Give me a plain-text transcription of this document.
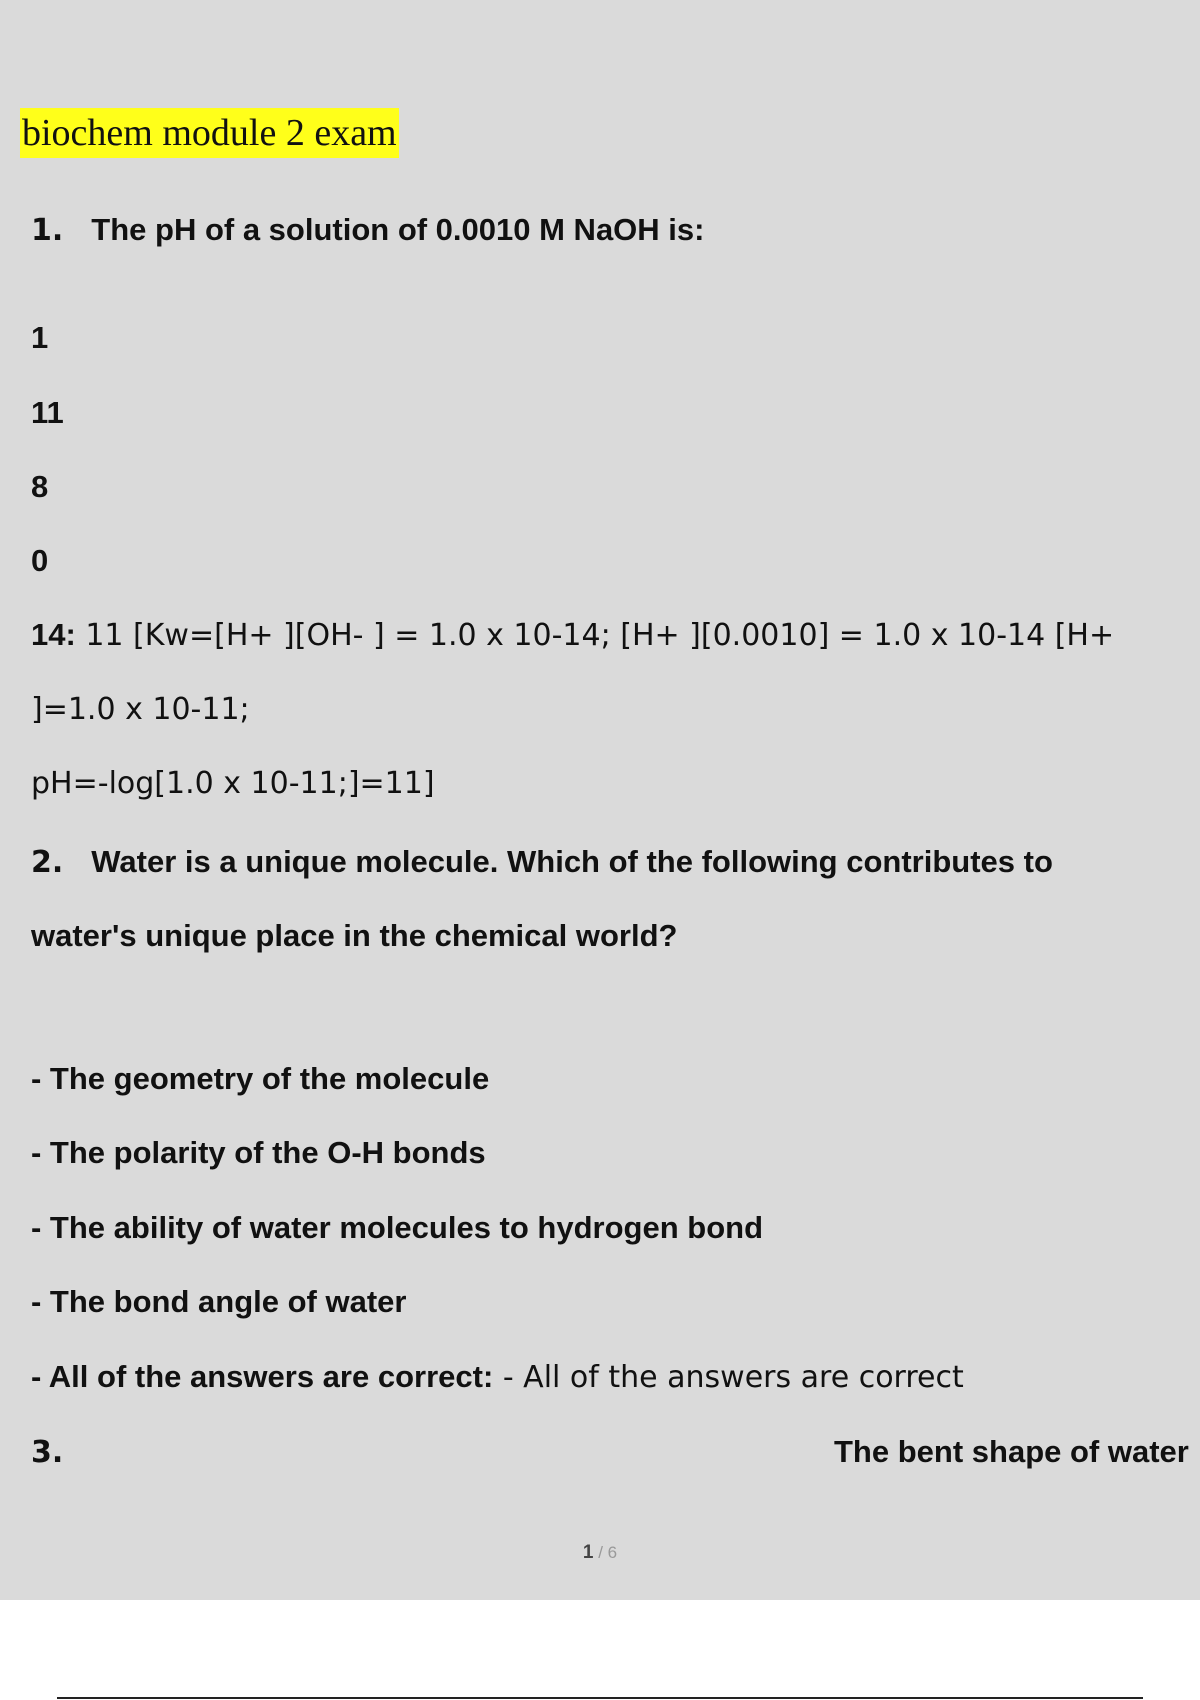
biochem module 2 exam
1. The pH of a solution of 0.0010 M NaOH is:
1
11
8
0
14: 11 [Kw=[H+ ][OH- ] = 1.0 x 10-14; [H+ ][0.0010] = 1.0 x 10-14 [H+
]=1.0 x 10-11;
pH=-log[1.0 x 10-11;]=11]
2. Water is a unique molecule. Which of the following contributes to
water's unique place in the chemical world?
- The geometry of the molecule
- The polarity of the O-H bonds
- The ability of water molecules to hydrogen bond
- The bond angle of water
- All of the answers are correct: - All of the answers are correct
3.	The bent shape of water
1 / 6
